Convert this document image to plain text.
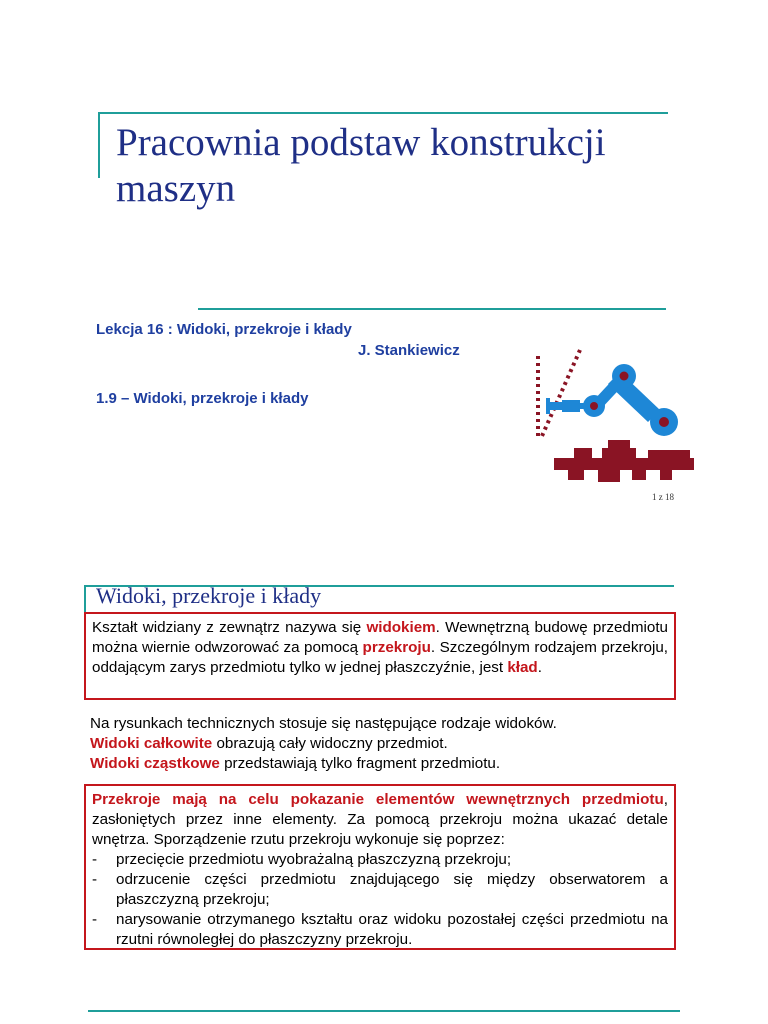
Pracownia podstaw konstrukcji maszyn
Lekcja 16 : Widoki, przekroje i kłady
J. Stankiewicz
1.9 – Widoki, przekroje i kłady
1 z 18
Widoki, przekroje i kłady
Kształt widziany z zewnątrz nazywa się widokiem. Wewnętrzną budowę przedmiotu można wiernie odwzorować za pomocą przekroju. Szczególnym rodzajem przekroju, oddającym zarys przedmiotu tylko w jednej płaszczyźnie, jest kład.
Na rysunkach technicznych stosuje się następujące rodzaje widoków.
Widoki całkowite obrazują cały widoczny przedmiot.
Widoki cząstkowe przedstawiają tylko fragment przedmiotu.
Przekroje mają na celu pokazanie elementów wewnętrznych przedmiotu, zasłoniętych przez inne elementy. Za pomocą przekroju można ukazać detale wnętrza. Sporządzenie rzutu przekroju wykonuje się poprzez:
-	przecięcie przedmiotu wyobrażalną płaszczyzną przekroju;
-	odrzucenie części przedmiotu znajdującego się między obserwatorem a płaszczyzną przekroju;
-	narysowanie otrzymanego kształtu oraz widoku pozostałej części przedmiotu na rzutni równoległej do płaszczyzny przekroju.
